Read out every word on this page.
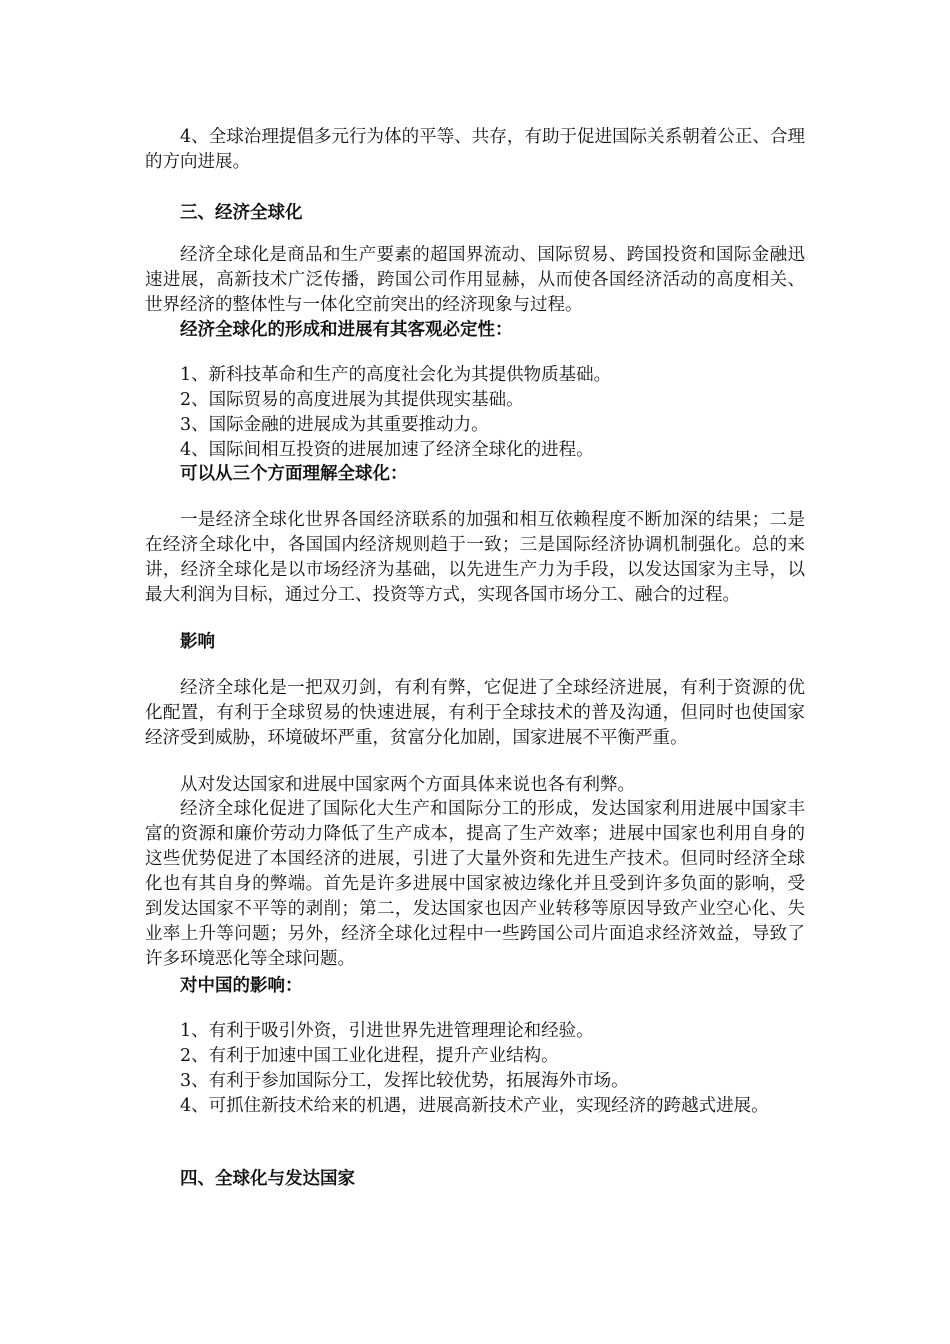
4、全球治理提倡多元行为体的平等、共存，有助于促进国际关系朝着公正、合理的方向进展。

三、经济全球化

经济全球化是商品和生产要素的超国界流动、国际贸易、跨国投资和国际金融迅速进展，高新技术广泛传播，跨国公司作用显赫，从而使各国经济活动的高度相关、世界经济的整体性与一体化空前突出的经济现象与过程。

经济全球化的形成和进展有其客观必定性：

1、新科技革命和生产的高度社会化为其提供物质基础。

2、国际贸易的高度进展为其提供现实基础。

3、国际金融的进展成为其重要推动力。

4、国际间相互投资的进展加速了经济全球化的进程。

可以从三个方面理解全球化：

一是经济全球化世界各国经济联系的加强和相互依赖程度不断加深的结果；二是在经济全球化中，各国国内经济规则趋于一致；三是国际经济协调机制强化。总的来讲，经济全球化是以市场经济为基础，以先进生产力为手段，以发达国家为主导，以最大利润为目标，通过分工、投资等方式，实现各国市场分工、融合的过程。

影响

经济全球化是一把双刃剑，有利有弊，它促进了全球经济进展，有利于资源的优化配置，有利于全球贸易的快速进展，有利于全球技术的普及沟通，但同时也使国家经济受到威胁，环境破坏严重，贫富分化加剧，国家进展不平衡严重。

从对发达国家和进展中国家两个方面具体来说也各有利弊。

经济全球化促进了国际化大生产和国际分工的形成，发达国家利用进展中国家丰富的资源和廉价劳动力降低了生产成本，提高了生产效率；进展中国家也利用自身的这些优势促进了本国经济的进展，引进了大量外资和先进生产技术。但同时经济全球化也有其自身的弊端。首先是许多进展中国家被边缘化并且受到许多负面的影响，受到发达国家不平等的剥削；第二，发达国家也因产业转移等原因导致产业空心化、失业率上升等问题；另外，经济全球化过程中一些跨国公司片面追求经济效益，导致了许多环境恶化等全球问题。

对中国的影响：

1、有利于吸引外资，引进世界先进管理理论和经验。

2、有利于加速中国工业化进程，提升产业结构。

3、有利于参加国际分工，发挥比较优势，拓展海外市场。

4、可抓住新技术给来的机遇，进展高新技术产业，实现经济的跨越式进展。

四、全球化与发达国家
